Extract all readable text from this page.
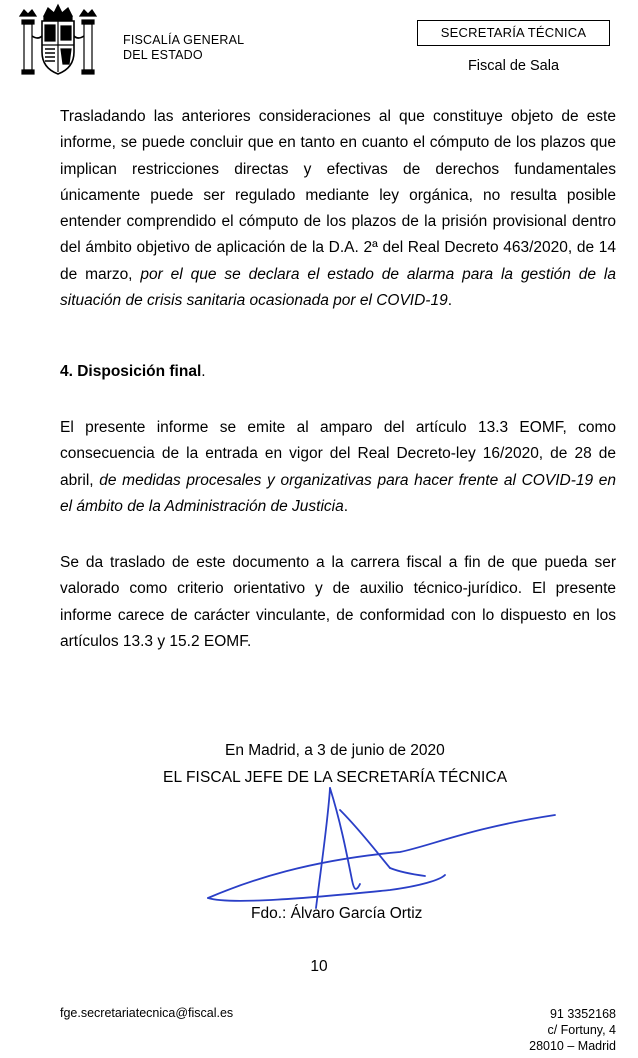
FISCALÍA GENERAL
DEL ESTADO
SECRETARÍA TÉCNICA
Fiscal de Sala

Trasladando las anteriores consideraciones al que constituye objeto de este informe, se puede concluir que en tanto en cuanto el cómputo de los plazos que implican restricciones directas y efectivas de derechos fundamentales únicamente puede ser regulado mediante ley orgánica, no resulta posible entender comprendido el cómputo de los plazos de la prisión provisional dentro del ámbito objetivo de aplicación de la D.A. 2ª del Real Decreto 463/2020, de 14 de marzo, por el que se declara el estado de alarma para la gestión de la situación de crisis sanitaria ocasionada por el COVID-19.

4. Disposición final.

El presente informe se emite al amparo del artículo 13.3 EOMF, como consecuencia de la entrada en vigor del Real Decreto-ley 16/2020, de 28 de abril, de medidas procesales y organizativas para hacer frente al COVID-19 en el ámbito de la Administración de Justicia.

Se da traslado de este documento a la carrera fiscal a fin de que pueda ser valorado como criterio orientativo y de auxilio técnico-jurídico. El presente informe carece de carácter vinculante, de conformidad con lo dispuesto en los artículos 13.3 y 15.2 EOMF.

En Madrid, a 3 de junio de 2020
EL FISCAL JEFE DE LA SECRETARÍA TÉCNICA
Fdo.: Álvaro García Ortiz
10
fge.secretariatecnica@fiscal.es	91 3352168
c/ Fortuny, 4
28010 – Madrid
